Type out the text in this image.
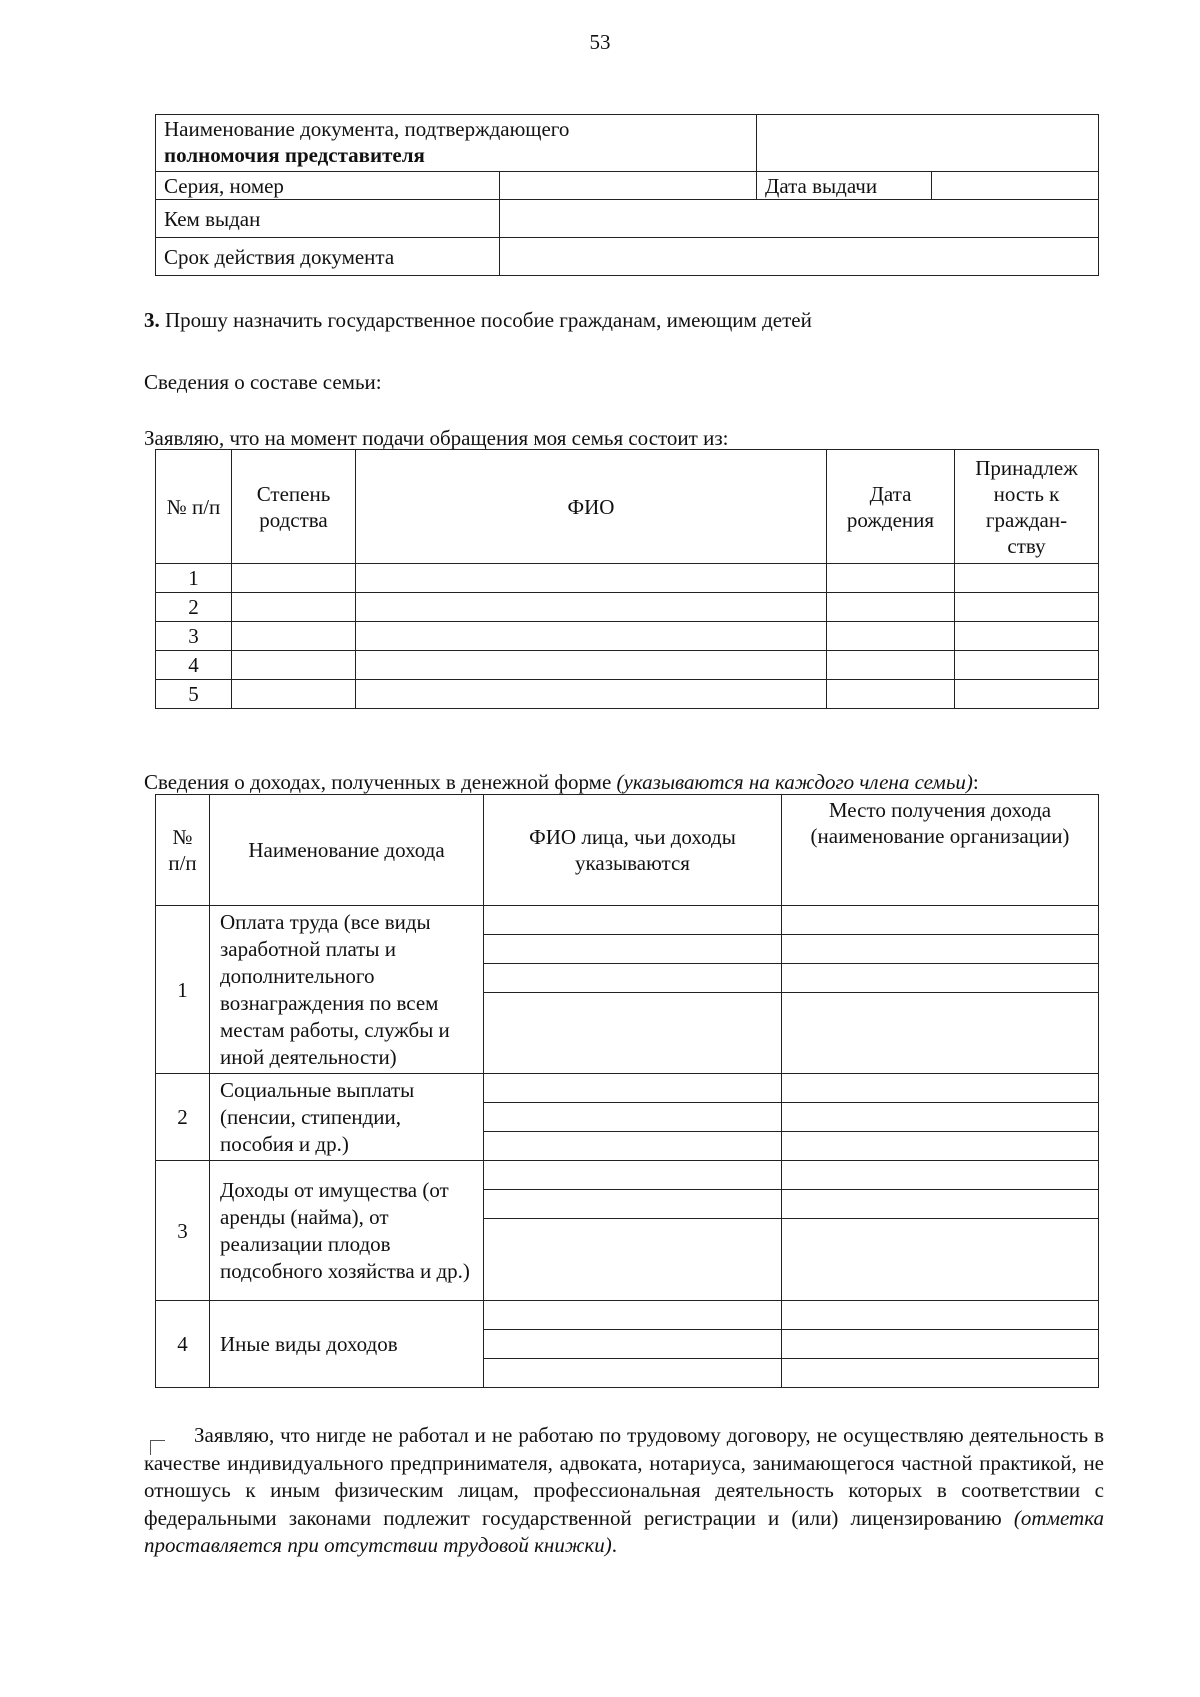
53
Наименование документа, подтверждающего
полномочия представителя			
Серия, номер		Дата выдачи	
Кем выдан			
Срок действия документа			
3. Прошу назначить государственное пособие гражданам, имеющим детей
Сведения о составе семьи:
Заявляю, что на момент подачи обращения моя семья состоит из:
№ п/п	Степень родства	ФИО	Дата рождения	Принадлеж ность к граждан-ству
1				
2				
3				
4				
5				
Сведения о доходах, полученных в денежной форме (указываются на каждого члена семьи):
№ п/п	Наименование дохода	ФИО лица, чьи доходы указываются	Место получения дохода (наименование организации)
1	Оплата труда (все виды заработной платы и дополнительного вознаграждения по всем местам работы, службы и иной деятельности)		

2	Социальные выплаты (пенсии, стипендии, пособия и др.)		

3	Доходы от имущества (от аренды (найма), от реализации плодов подсобного хозяйства и др.)		

4	Иные виды доходов		

Заявляю, что нигде не работал и не работаю по трудовому договору, не осуществляю деятельность в качестве индивидуального предпринимателя, адвоката, нотариуса, занимающегося частной практикой, не отношусь к иным физическим лицам, профессиональная деятельность которых в соответствии с федеральными законами подлежит государственной регистрации и (или) лицензированию (отметка проставляется при отсутствии трудовой книжки).
